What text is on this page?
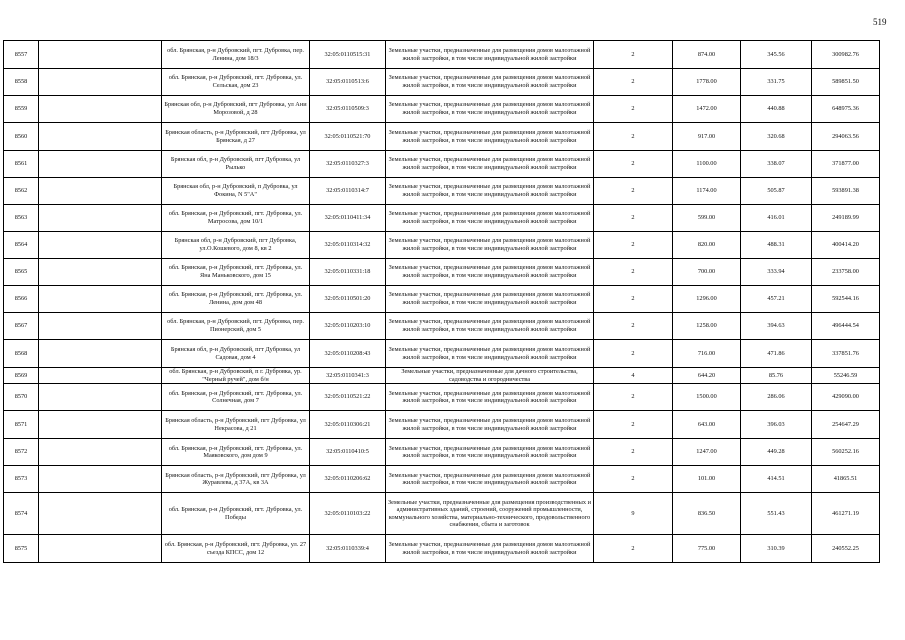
519
8557		обл. Брянская, р-н Дубровский, пгт. Дубровка, пер. Ленина, дом 18/3	32:05:0110515:31	Земельные участки, предназначенные для размещения домов малоэтажной жилой застройки, в том числе индивидуальной жилой застройки	2	874.00	345.56	300982.76
8558		обл. Брянская, р-н Дубровский, пгт. Дубровка, ул. Сельская, дом 23	32:05:0110513:6	Земельные участки, предназначенные для размещения домов малоэтажной жилой застройки, в том числе индивидуальной жилой застройки	2	1778.00	331.75	589851.50
8559		Брянская обл, р-н Дубровский, пгт Дубровка, ул Ани Морозовой, д 28	32:05:0110509:3	Земельные участки, предназначенные для размещения домов малоэтажной жилой застройки, в том числе индивидуальной жилой застройки	2	1472.00	440.88	648975.36
8560		Брянская область, р-н Дубровский, пгт Дубровка, ул Брянская, д 27	32:05:0110521:70	Земельные участки, предназначенные для размещения домов малоэтажной жилой застройки, в том числе индивидуальной жилой застройки	2	917.00	320.68	294063.56
8561		Брянская обл, р-н Дубровский, пгт Дубровка, ул Рылько	32:05:0110327:3	Земельные участки, предназначенные для размещения домов малоэтажной жилой застройки, в том числе индивидуальной жилой застройки	2	1100.00	338.07	371877.00
8562		Брянская обл, р-н Дубровский, п Дубровка, ул Фокина, N 5"А"	32:05:0110314:7	Земельные участки, предназначенные для размещения домов малоэтажной жилой застройки, в том числе индивидуальной жилой застройки	2	1174.00	505.87	593891.38
8563		обл. Брянская, р-н Дубровский, пгт. Дубровка, ул. Матросова, дом 10/1	32:05:0110411:34	Земельные участки, предназначенные для размещения домов малоэтажной жилой застройки, в том числе индивидуальной жилой застройки	2	599.00	416.01	249189.99
8564		Брянская обл, р-н Дубровский, пгт Дубровка, ул.О.Кошевого, дом 8, кв 2	32:05:0110314:32	Земельные участки, предназначенные для размещения домов малоэтажной жилой застройки, в том числе индивидуальной жилой застройки	2	820.00	488.31	400414.20
8565		обл. Брянская, р-н Дубровский, пгт. Дубровка, ул. Яна Маньковского, дом 15	32:05:0110331:18	Земельные участки, предназначенные для размещения домов малоэтажной жилой застройки, в том числе индивидуальной жилой застройки	2	700.00	333.94	233758.00
8566		обл. Брянская, р-н Дубровский, пгт. Дубровка, ул. Ленина, дом дом 48	32:05:0110501:20	Земельные участки, предназначенные для размещения домов малоэтажной жилой застройки, в том числе индивидуальной жилой застройки	2	1296.00	457.21	592544.16
8567		обл. Брянская, р-н Дубровский, пгт. Дубровка, пер. Пионерский, дом 5	32:05:0110203:10	Земельные участки, предназначенные для размещения домов малоэтажной жилой застройки, в том числе индивидуальной жилой застройки	2	1258.00	394.63	496444.54
8568		Брянская обл, р-н Дубровский, пгт Дубровка, ул Садовая, дом 4	32:05:0110208:43	Земельные участки, предназначенные для размещения домов малоэтажной жилой застройки, в том числе индивидуальной жилой застройки	2	716.00	471.86	337851.76
8569		обл. Брянская, р-н Дубровский, п г. Дубровка, ур. "Черный ручей", дом б/н	32:05:0110341:3	Земельные участки, предназначенные для дачного строительства, садоводства и огородничества	4	644.20	85.76	55246.59
8570		обл. Брянская, р-н Дубровский, пгт. Дубровка, ул. Солнечная, дом 7	32:05:0110521:22	Земельные участки, предназначенные для размещения домов малоэтажной жилой застройки, в том числе индивидуальной жилой застройки	2	1500.00	286.06	429090.00
8571		Брянская область, р-н Дубровский, пгт Дубровка, ул Некрасова, д 21	32:05:0110306:21	Земельные участки, предназначенные для размещения домов малоэтажной жилой застройки, в том числе индивидуальной жилой застройки	2	643.00	396.03	254647.29
8572		обл. Брянская, р-н Дубровский, пгт. Дубровка, ул. Маяковского, дом дом 9	32:05:0110410:5	Земельные участки, предназначенные для размещения домов малоэтажной жилой застройки, в том числе индивидуальной жилой застройки	2	1247.00	449.28	560252.16
8573		Брянская область, р-н Дубровский, пгт Дубровка, ул Журавлева, д 37А, кв 3А	32:05:0110206:62	Земельные участки, предназначенные для размещения домов малоэтажной жилой застройки, в том числе индивидуальной жилой застройки	2	101.00	414.51	41865.51
8574		обл. Брянская, р-н Дубровский, пгт. Дубровка, ул. Победы	32:05:0110103:22	Земельные участки, предназначенные для размещения производственных и административных зданий, строений, сооружений промышленности, коммунального хозяйства, материально-технического, продовольственного снабжения, сбыта и заготовок	9	836.50	551.43	461271.19
8575		обл. Брянская, р-н Дубровский, пгт. Дубровка, ул. 27 съезда КПСС, дом 12	32:05:0110339:4	Земельные участки, предназначенные для размещения домов малоэтажной жилой застройки, в том числе индивидуальной жилой застройки	2	775.00	310.39	240552.25
